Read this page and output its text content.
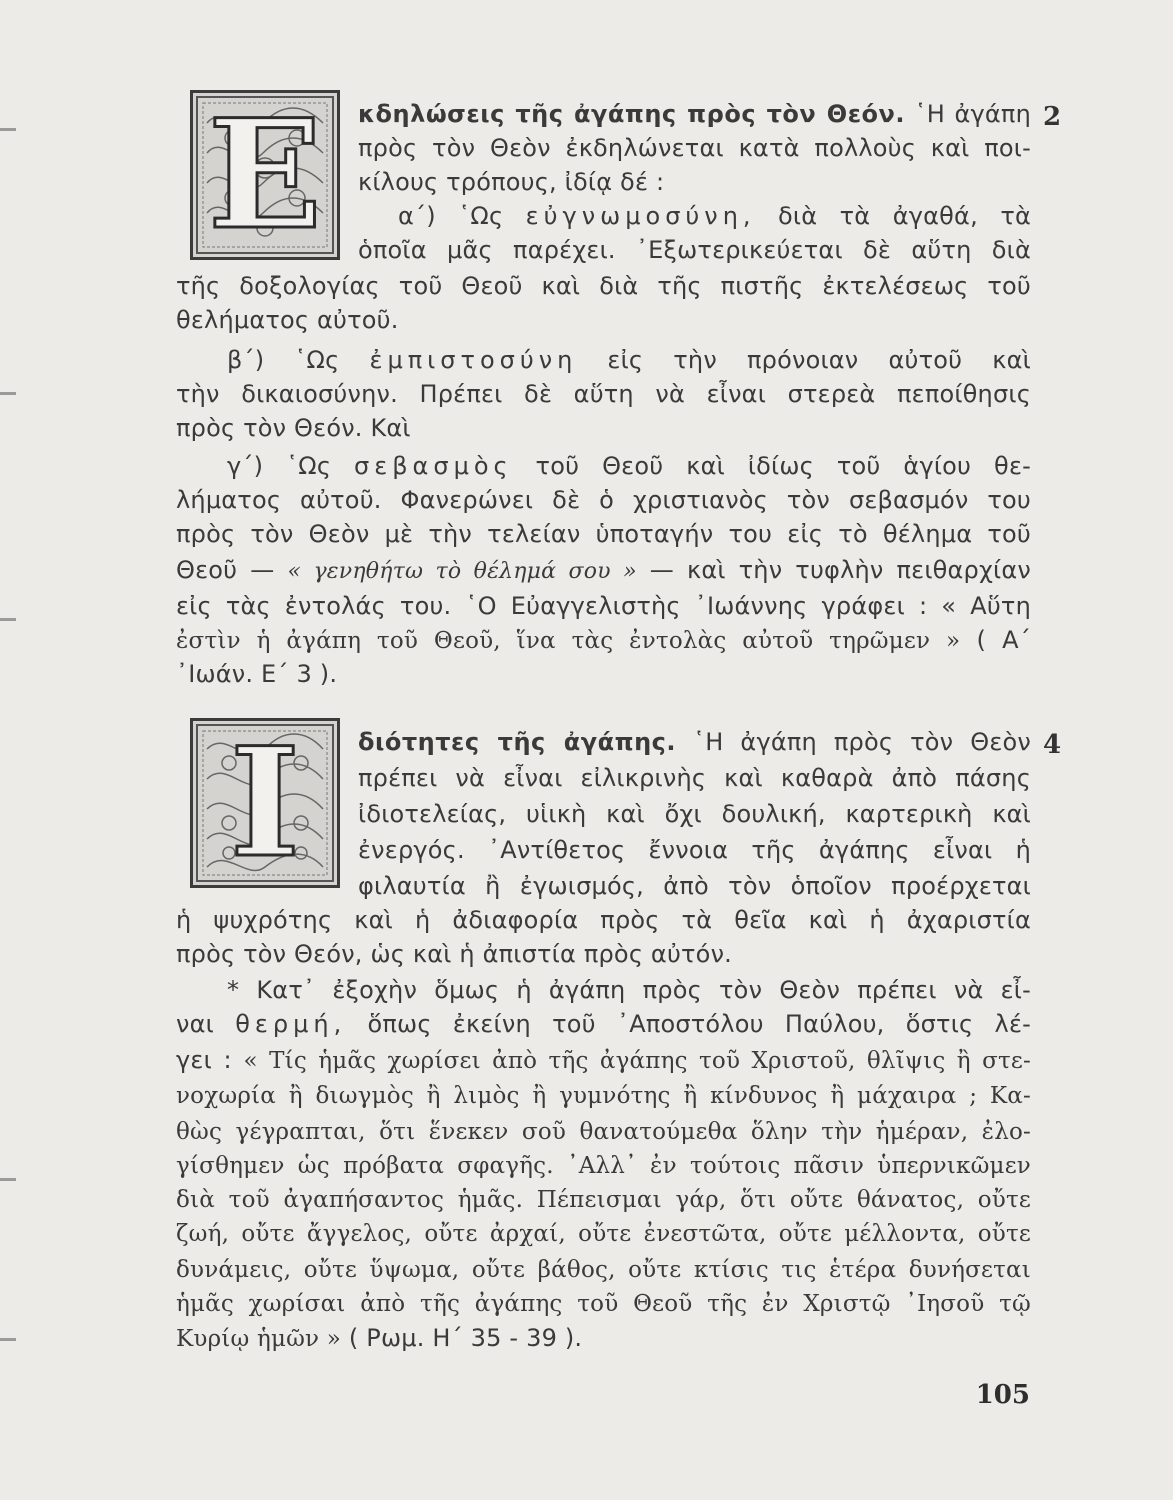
Ε	2
κδηλώσεις τῆς ἀγάπης πρὸς τὸν Θεόν. ῾Η ἀγάπη
πρὸς τὸν Θεὸν ἐκδηλώνεται κατὰ πολλοὺς καὶ ποι-
κίλους τρόπους, ἰδίᾳ δέ :
α΄) ῾Ως εὐγνωμοσύνη, διὰ τὰ ἀγαθά, τὰ
ὁποῖα μᾶς παρέχει. ᾿Εξωτερικεύεται δὲ αὕτη διὰ
τῆς δοξολογίας τοῦ Θεοῦ καὶ διὰ τῆς πιστῆς ἐκτελέσεως τοῦ
θελήματος αὐτοῦ.
β΄) ῾Ως ἐμπιστοσύνη εἰς τὴν πρόνοιαν αὐτοῦ καὶ
τὴν δικαιοσύνην. Πρέπει δὲ αὕτη νὰ εἶναι στερεὰ πεποίθησις
πρὸς τὸν Θεόν. Καὶ
γ΄) ῾Ως σεβασμὸς τοῦ Θεοῦ καὶ ἰδίως τοῦ ἁγίου θε-
λήματος αὐτοῦ. Φανερώνει δὲ ὁ χριστιανὸς τὸν σεβασμόν του
πρὸς τὸν Θεὸν μὲ τὴν τελείαν ὑποταγήν του εἰς τὸ θέλημα τοῦ
Θεοῦ — « γενηθήτω τὸ θέλημά σου » — καὶ τὴν τυφλὴν πειθαρχίαν
εἰς τὰς ἐντολάς του. ῾Ο Εὐαγγελιστὴς ᾿Ιωάννης γράφει : « Αὕτη
ἐστὶν ἡ ἀγάπη τοῦ Θεοῦ, ἵνα τὰς ἐντολὰς αὐτοῦ τηρῶμεν » ( Α΄
᾿Ιωάν. Ε΄ 3 ).
Ι	4
διότητες τῆς ἀγάπης. ῾Η ἀγάπη πρὸς τὸν Θεὸν
πρέπει νὰ εἶναι εἰλικρινὴς καὶ καθαρὰ ἀπὸ πάσης
ἰδιοτελείας, υἱικὴ καὶ ὄχι δουλική, καρτερικὴ καὶ
ἐνεργός. ᾿Αντίθετος ἔννοια τῆς ἀγάπης εἶναι ἡ
φιλαυτία ἢ ἐγωισμός, ἀπὸ τὸν ὁποῖον προέρχεται
ἡ ψυχρότης καὶ ἡ ἀδιαφορία πρὸς τὰ θεῖα καὶ ἡ ἀχαριστία
πρὸς τὸν Θεόν, ὡς καὶ ἡ ἀπιστία πρὸς αὐτόν.
* Κατ᾿ ἐξοχὴν ὅμως ἡ ἀγάπη πρὸς τὸν Θεὸν πρέπει νὰ εἶ-
ναι θερμή, ὅπως ἐκείνη τοῦ ᾿Αποστόλου Παύλου, ὅστις λέ-
γει : « Τίς ἡμᾶς χωρίσει ἀπὸ τῆς ἀγάπης τοῦ Χριστοῦ, θλῖψις ἢ στε-
νοχωρία ἢ διωγμὸς ἢ λιμὸς ἢ γυμνότης ἢ κίνδυνος ἢ μάχαιρα ; Κα-
θὼς γέγραπται, ὅτι ἕνεκεν σοῦ θανατούμεθα ὅλην τὴν ἡμέραν, ἐλο-
γίσθημεν ὡς πρόβατα σφαγῆς. ᾿Αλλ᾿ ἐν τούτοις πᾶσιν ὑπερνικῶμεν
διὰ τοῦ ἀγαπήσαντος ἡμᾶς. Πέπεισμαι γάρ, ὅτι οὔτε θάνατος, οὔτε
ζωή, οὔτε ἄγγελος, οὔτε ἀρχαί, οὔτε ἐνεστῶτα, οὔτε μέλλοντα, οὔτε
δυνάμεις, οὔτε ὕψωμα, οὔτε βάθος, οὔτε κτίσις τις ἑτέρα δυνήσεται
ἡμᾶς χωρίσαι ἀπὸ τῆς ἀγάπης τοῦ Θεοῦ τῆς ἐν Χριστῷ ᾿Ιησοῦ τῷ
Κυρίῳ ἡμῶν » ( Ρωμ. Η΄ 35 - 39 ).
105
